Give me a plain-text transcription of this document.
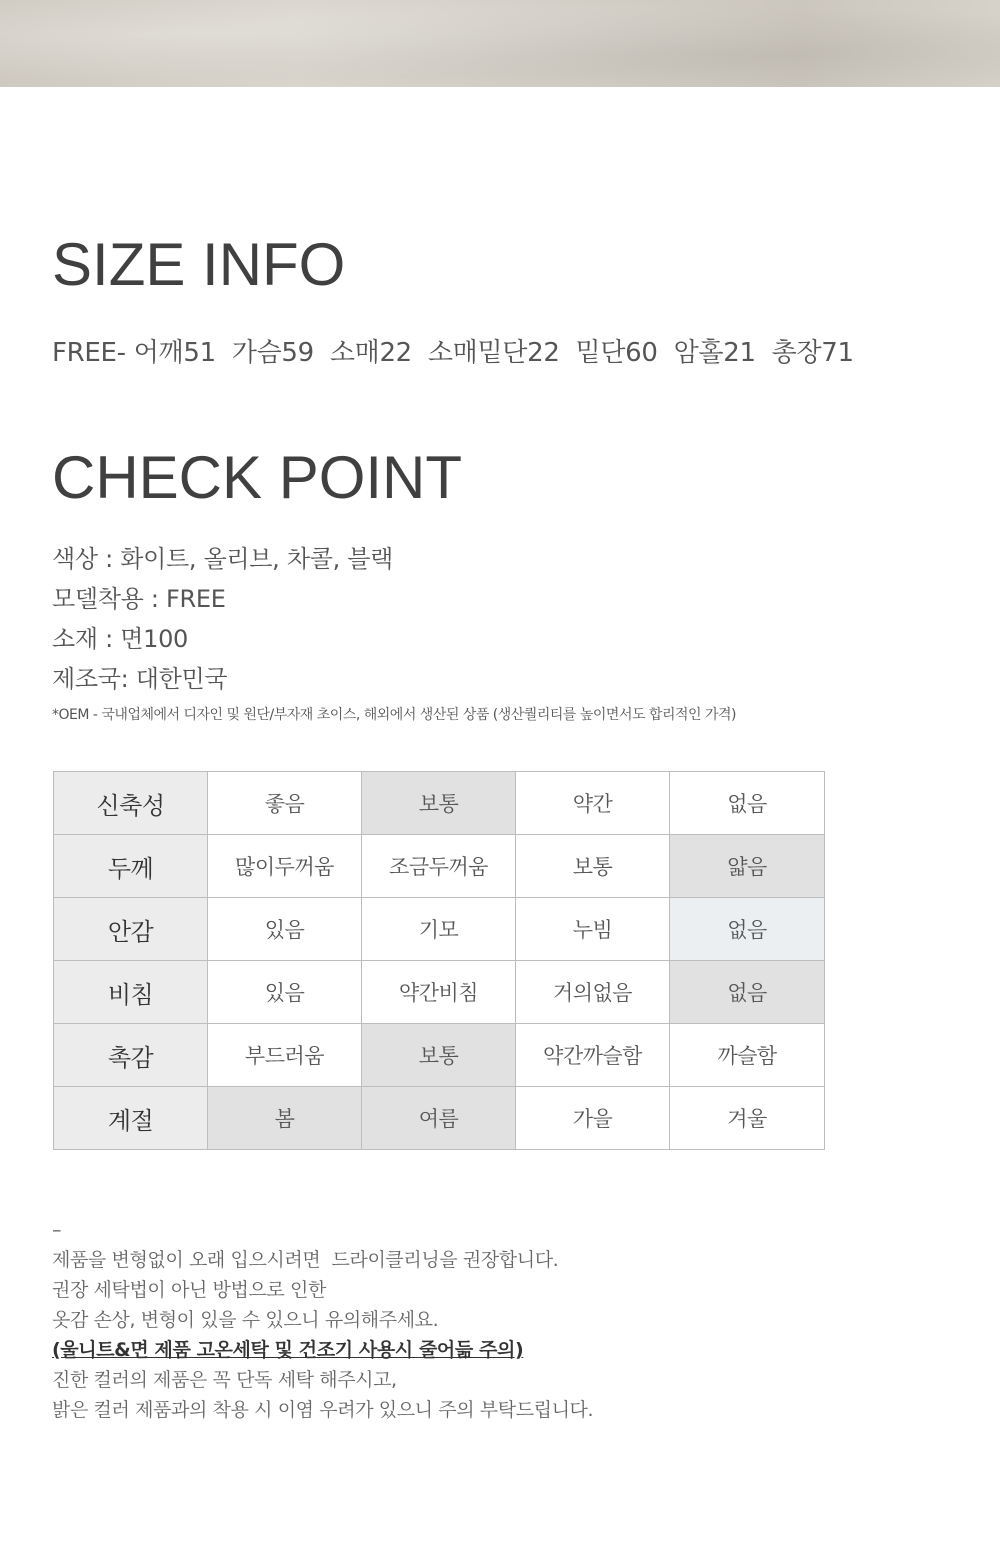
SIZE INFO
FREE- 어깨51  가슴59  소매22  소매밑단22  밑단60  암홀21  총장71
CHECK POINT
색상 : 화이트, 올리브, 차콜, 블랙
모델착용 : FREE
소재 : 면100
제조국: 대한민국
*OEM - 국내업체에서 디자인 및 원단/부자재 초이스, 해외에서 생산된 상품 (생산퀄리티를 높이면서도 합리적인 가격)
신축성	좋음	보통	약간	없음
두께	많이두꺼움	조금두꺼움	보통	얇음
안감	있음	기모	누빔	없음
비침	있음	약간비침	거의없음	없음
촉감	부드러움	보통	약간까슬함	까슬함
계절	봄	여름	가을	겨울
–
제품을 변형없이 오래 입으시려면  드라이클리닝을 권장합니다.
권장 세탁법이 아닌 방법으로 인한
옷감 손상, 변형이 있을 수 있으니 유의해주세요.
(울니트&면 제품 고온세탁 및 건조기 사용시 줄어듦 주의)
진한 컬러의 제품은 꼭 단독 세탁 해주시고,
밝은 컬러 제품과의 착용 시 이염 우려가 있으니 주의 부탁드립니다.
